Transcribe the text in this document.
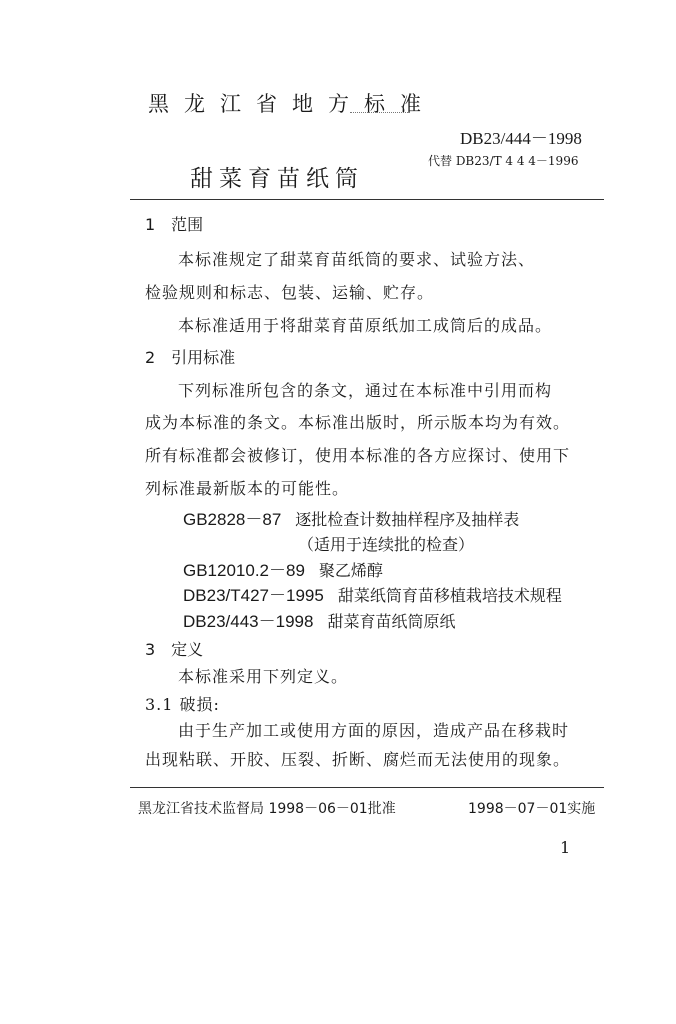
黑龙江省地方标准
DB23/444－1998
代替 DB23/T 4 4 4－1996
甜菜育苗纸筒
1　范围
本标准规定了甜菜育苗纸筒的要求、试验方法、
检验规则和标志、包装、运输、贮存。
本标准适用于将甜菜育苗原纸加工成筒后的成品。
2　引用标准
下列标准所包含的条文，通过在本标准中引用而构
成为本标准的条文。本标准出版时，所示版本均为有效。
所有标准都会被修订，使用本标准的各方应探讨、使用下
列标准最新版本的可能性。
GB2828－87 逐批检查计数抽样程序及抽样表
（适用于连续批的检查）
GB12010.2－89 聚乙烯醇
DB23/T427－1995 甜菜纸筒育苗移植栽培技术规程
DB23/443－1998 甜菜育苗纸筒原纸
3　定义
本标准采用下列定义。
3.1 破损:
由于生产加工或使用方面的原因，造成产品在移栽时
出现粘联、开胶、压裂、折断、腐烂而无法使用的现象。
黑龙江省技术监督局 1998－06－01批准	1998－07－01实施
1
